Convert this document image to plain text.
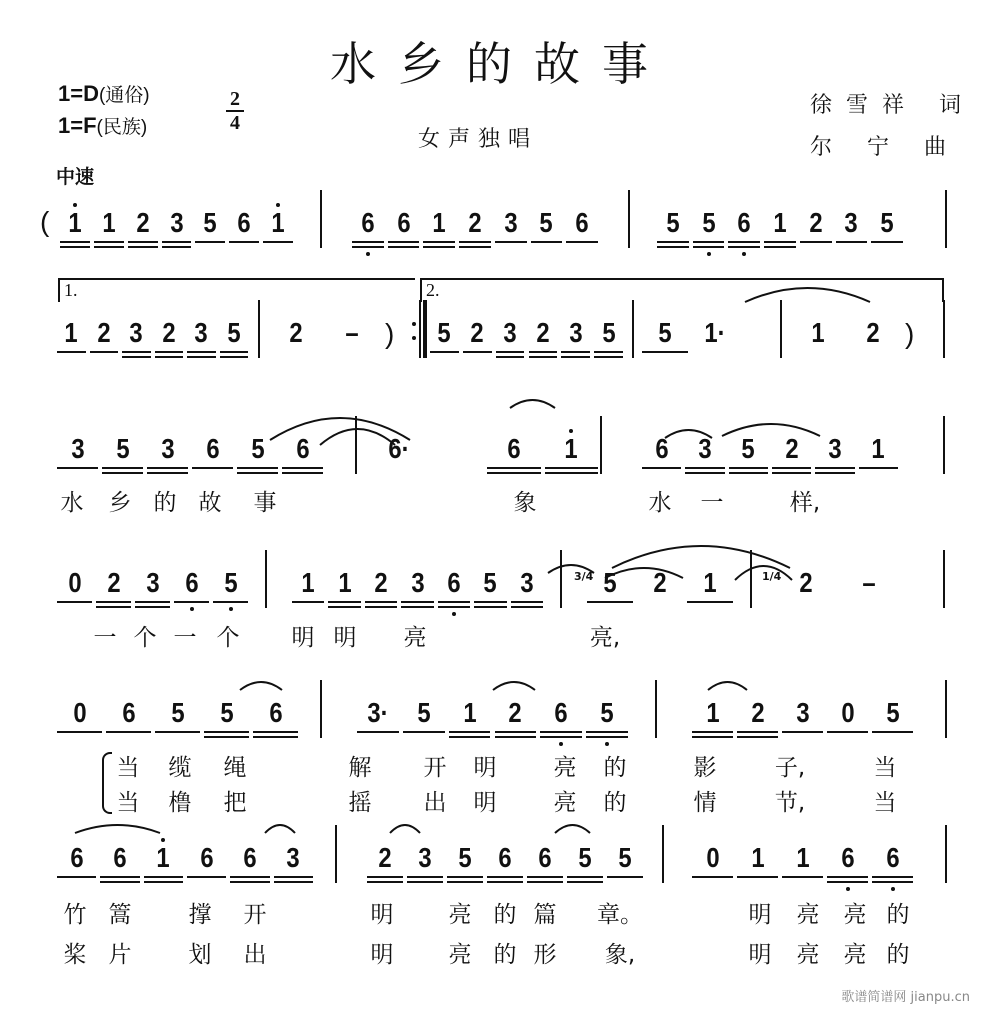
水乡的故事
1=D(通俗)
1=F(民族)
2
4
女声独唱
徐雪祥 词
尔 宁 曲
中速
1.	2.
(
)	)
3/4	1/4
1 1 2 3 5 6 1	6 6 1 2 3 5 6	5 5 6 1 2 3 5
1 2 3 2 3 5 2 –	5 2 3 2 3 5 5 1·	1 2
3 5 3 6 5 6	6·	6 1	6 3 5 2 3 1
0 2 3 6 5 1 1 2 3 6 5 3 5 2 1	2 –
0 6 5 5 6	3· 5 1 2 6 5	1 2 3 0 5
6 6 1 6 6 3	2 3 5 6 6 5 5	0 1 1 6 6
水 乡 的 故 事	象	水 一	样,
一 个 一 个 明 明 亮	亮,
当 缆 绳	解 开 明 亮 的	影	子,	当
当 橹 把	摇 出 明 亮 的	情	节,	当
竹 篙 撑 开	明 亮 的 篇 章。	明 亮 亮 的
桨 片 划 出	明 亮 的 形 象,	明 亮 亮 的
歌谱简谱网 jianpu.cn
